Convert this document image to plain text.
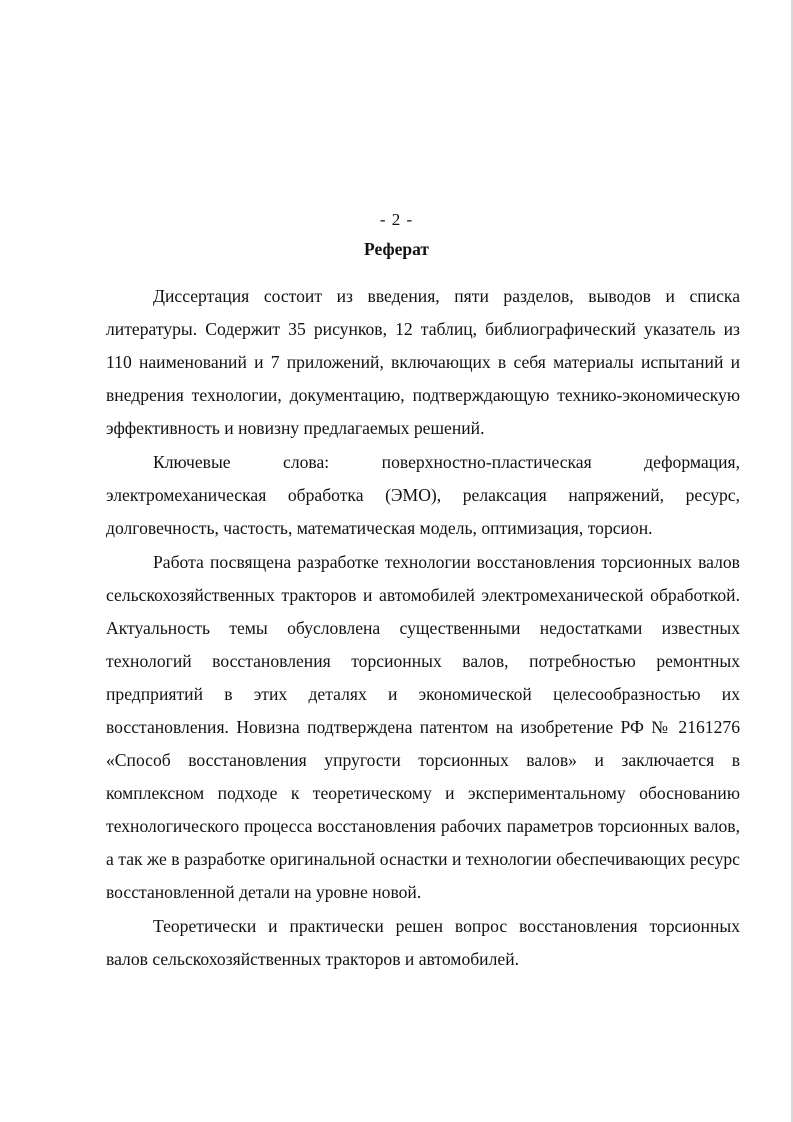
- 2 -
Реферат

Диссертация состоит из введения, пяти разделов, выводов и списка литературы. Содержит 35 рисунков, 12 таблиц, библиографический указатель из 110 наименований и 7 приложений, включающих в себя материалы испытаний и внедрения технологии, документацию, подтверждающую технико-экономическую эффективность и новизну предлагаемых решений.

Ключевые слова: поверхностно-пластическая деформация, электромеханическая обработка (ЭМО), релаксация напряжений, ресурс, долговечность, частость, математическая модель, оптимизация, торсион.

Работа посвящена разработке технологии восстановления торсионных валов сельскохозяйственных тракторов и автомобилей электромеханической обработкой. Актуальность темы обусловлена существенными недостатками известных технологий восстановления торсионных валов, потребностью ремонтных предприятий в этих деталях и экономической целесообразностью их восстановления. Новизна подтверждена патентом на изобретение РФ № 2161276 «Способ восстановления упругости торсионных валов» и заключается в комплексном подходе к теоретическому и экспериментальному обоснованию технологического процесса восстановления рабочих параметров торсионных валов, а так же в разработке оригинальной оснастки и технологии обеспечивающих ресурс восстановленной детали на уровне новой.

Теоретически и практически решен вопрос восстановления торсионных валов сельскохозяйственных тракторов и автомобилей.
